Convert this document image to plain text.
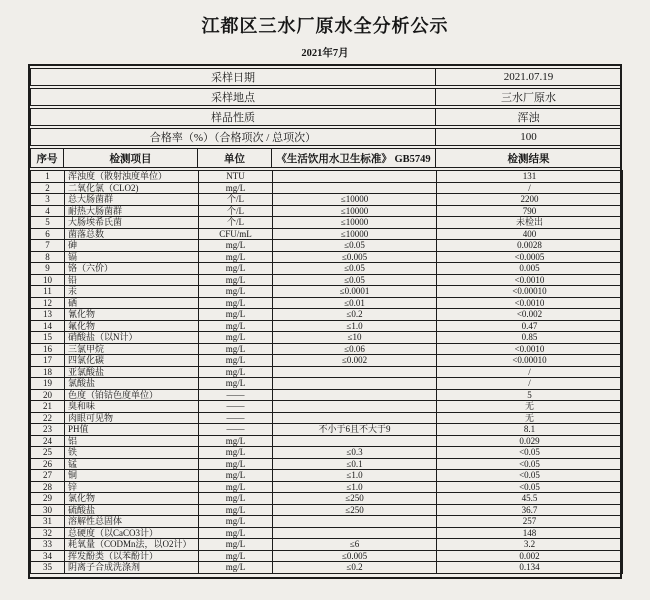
江都区三水厂原水全分析公示
2021年7月
采样日期				2021.07.19
采样地点				三水厂原水
样品性质				浑浊
合格率（%）（合格项次 / 总项次）				100
序号	检测项目	单位	《生活饮用水卫生标准》 GB5749	检测结果
1	浑浊度（散射浊度单位）	NTU		131
2	二氧化氯（CLO2)	mg/L		/
3	总大肠菌群	个/L	≤10000	2200
4	耐热大肠菌群	个/L	≤10000	790
5	大肠埃希氏菌	个/L	≤10000	未检出
6	菌落总数	CFU/mL	≤10000	400
7	砷	mg/L	≤0.05	0.0028
8	镉	mg/L	≤0.005	<0.0005
9	铬（六价）	mg/L	≤0.05	0.005
10	铅	mg/L	≤0.05	<0.0010
11	汞	mg/L	≤0.0001	<0.00010
12	硒	mg/L	≤0.01	<0.0010
13	氰化物	mg/L	≤0.2	<0.002
14	氟化物	mg/L	≤1.0	0.47
15	硝酸盐（以N计）	mg/L	≤10	0.85
16	三氯甲烷	mg/L	≤0.06	<0.0010
17	四氯化碳	mg/L	≤0.002	<0.00010
18	亚氯酸盐	mg/L		/
19	氯酸盐	mg/L		/
20	色度（铂钴色度单位）	——		5
21	臭和味	——		无
22	肉眼可见物	——		无
23	PH值	——	不小于6且不大于9	8.1
24	铝	mg/L		0.029
25	铁	mg/L	≤0.3	<0.05
26	锰	mg/L	≤0.1	<0.05
27	铜	mg/L	≤1.0	<0.05
28	锌	mg/L	≤1.0	<0.05
29	氯化物	mg/L	≤250	45.5
30	硫酸盐	mg/L	≤250	36.7
31	溶解性总固体	mg/L		257
32	总硬度（以CaCO3计）	mg/L		148
33	耗氧量（CODMn法，以O2计）	mg/L	≤6	3.2
34	挥发酚类（以苯酚计）	mg/L	≤0.005	0.002
35	阴离子合成洗涤剂	mg/L	≤0.2	0.134
